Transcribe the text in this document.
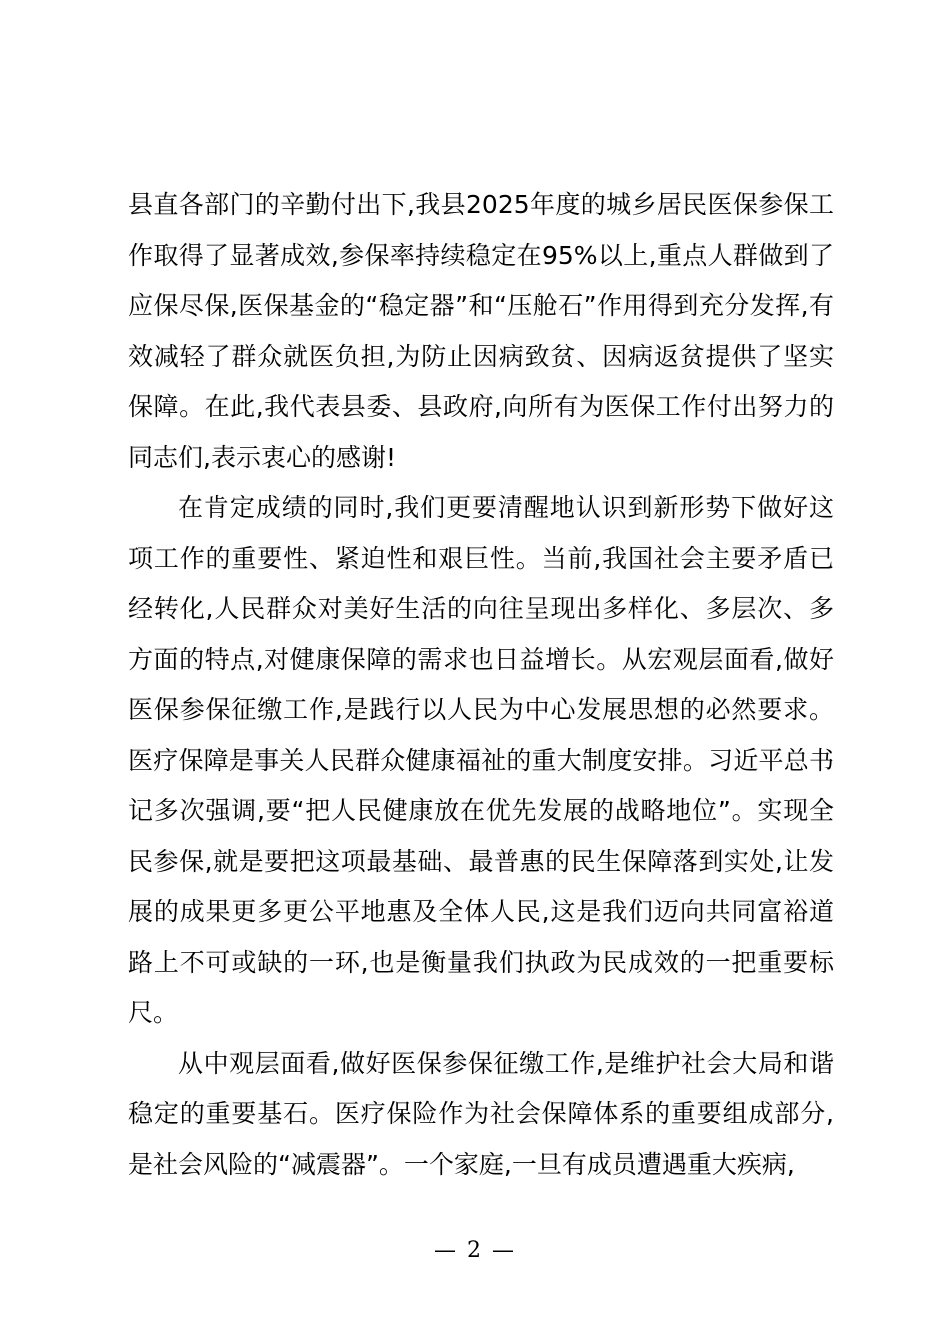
县直各部门的辛勤付出下,我县2025年度的城乡居民医保参保工作取得了显著成效,参保率持续稳定在95%以上,重点人群做到了应保尽保,医保基金的“稳定器”和“压舱石”作用得到充分发挥,有效减轻了群众就医负担,为防止因病致贫、因病返贫提供了坚实保障。在此,我代表县委、县政府,向所有为医保工作付出努力的同志们,表示衷心的感谢!

在肯定成绩的同时,我们更要清醒地认识到新形势下做好这项工作的重要性、紧迫性和艰巨性。当前,我国社会主要矛盾已经转化,人民群众对美好生活的向往呈现出多样化、多层次、多方面的特点,对健康保障的需求也日益增长。从宏观层面看,做好医保参保征缴工作,是践行以人民为中心发展思想的必然要求。医疗保障是事关人民群众健康福祉的重大制度安排。习近平总书记多次强调,要“把人民健康放在优先发展的战略地位”。实现全民参保,就是要把这项最基础、最普惠的民生保障落到实处,让发展的成果更多更公平地惠及全体人民,这是我们迈向共同富裕道路上不可或缺的一环,也是衡量我们执政为民成效的一把重要标尺。

从中观层面看,做好医保参保征缴工作,是维护社会大局和谐稳定的重要基石。医疗保险作为社会保障体系的重要组成部分,是社会风险的“减震器”。一个家庭,一旦有成员遭遇重大疾病,

— 2 —
